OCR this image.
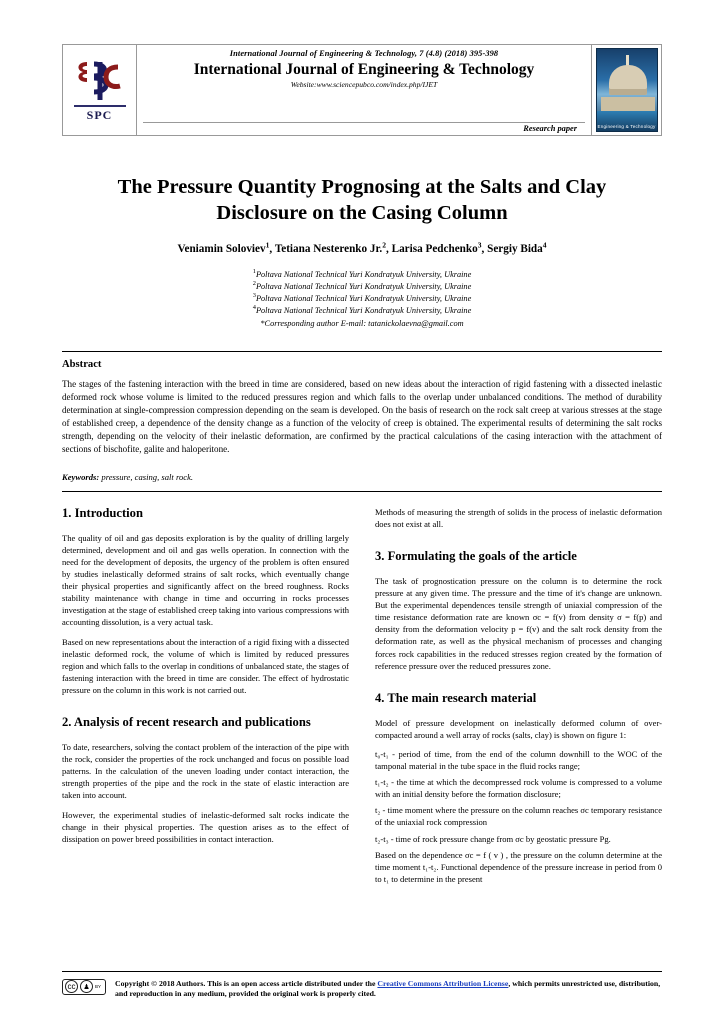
SPC
International Journal of Engineering & Technology, 7 (4.8) (2018) 395-398
International Journal of Engineering & Technology
Website:www.sciencepubco.com/index.php/IJET
Research paper	Engineering & Technology
The Pressure Quantity Prognosing at the Salts and Clay Disclosure on the Casing Column
Veniamin Soloviev$^1$, Tetiana Nesterenko Jr.$^2$, Larisa Pedchenko$^3$, Sergiy Bida$^4$
$^1$Poltava National Technical Yuri Kondratyuk University, Ukraine
$^2$Poltava National Technical Yuri Kondratyuk University, Ukraine
$^3$Poltava National Technical Yuri Kondratyuk University, Ukraine
$^4$Poltava National Technical Yuri Kondratyuk University, Ukraine
*Corresponding author E-mail: tatanickolaevna@gmail.com
Abstract
The stages of the fastening interaction with the breed in time are considered, based on new ideas about the interaction of rigid fastening with a dissected inelastic deformed rock whose volume is limited to the reduced pressures region and which falls to the overlap under unbalanced conditions. The method of durability determination at single-compression compression depending on the seam is developed. On the basis of research on the rock salt creep at various stresses at the stage of established creep, a dependence of the density change as a function of the velocity of creep is obtained. The experimental results of determining the salt rocks strength, depending on the velocity of their inelastic deformation, are confirmed by the practical calculations of the casing interaction with the attachment of sections of bischofite, galite and haloperitone.
Keywords: pressure, casing, salt rock.
1. Introduction

The quality of oil and gas deposits exploration is by the quality of drilling largely determined, development and oil and gas wells operation. In connection with the need for the development of deposits, the urgency of the problem is often ensured by studies inelastically deformed strains of salt rocks, which eventually change their physical properties and significantly affect on the breed roughness. Rocks stability maintenance with change in time and occurring in rocks processes investigation at the stage of established creep taking into various compressions with accounting dissolution, is a very actual task.

Based on new representations about the interaction of a rigid fixing with a dissected inelastic deformed rock, the volume of which is limited by reduced pressures region and which falls to the overlap in conditions of unbalanced state, the stages of fastening interaction with the breed in time are consider. The effect of hydrostatic pressure on the column in this work is not carried out.

2. Analysis of recent research and publications

To date, researchers, solving the contact problem of the interaction of the pipe with the rock, consider the properties of the rock unchanged and focus on possible load patterns. In the calculation of the uneven loading under contact interaction, the strength properties of the pipe and the rock in the state of elastic interaction are taken into account.

However, the experimental studies of inelastic-deformed salt rocks indicate the change in their physical properties. The question arises as to the effect of dissipation on power breed possibilities in contact interaction.

Methods of measuring the strength of solids in the process of inelastic deformation does not exist at all.

3. Formulating the goals of the article

The task of prognostication pressure on the column is to determine the rock pressure at any given time. The pressure and the time of it's change are unknown. But the experimental dependences tensile strength of uniaxial compression of the time resistance deformation rate are known σc = f(v) from density σ = f(p) and density from the deformation velocity p = f(v) and the salt rock density from the deformation rate, as well as the physical mechanism of processes and changing forces rock capabilities in the reduced stresses region created by the formation of reference pressure over the reduced pressures zone.

4. The main research material

Model of pressure development on inelastically deformed column of over-compacted around a well array of rocks (salts, clay) is shown on figure 1:

t₀-t₁ - period of time, from the end of the column downhill to the WOC of the tamponal material in the tube space in the fluid rocks range;

t₁-t₂ - the time at which the decompressed rock volume is compressed to a volume with an initial density before the formation disclosure;

t₂ - time moment where the pressure on the column reaches σc temporary resistance of the uniaxial rock compression

t₂-t₃ - time of rock pressure change from σc by geostatic pressure Pg.

Based on the dependence σc = f ( v ) , the pressure on the column determine at the time moment t₁-t₂. Functional dependence of the pressure increase in period from 0 to t₁ to determine in the present

cc	♟	BY Copyright © 2018 Authors. This is an open access article distributed under the Creative Commons Attribution License, which permits unrestricted use, distribution, and reproduction in any medium, provided the original work is properly cited.
